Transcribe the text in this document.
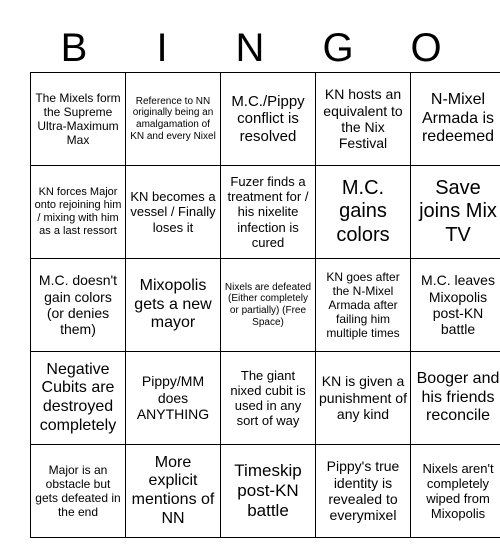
B	I	N	G	O
The Mixels form the Supreme Ultra-Maximum Max	Reference to NN originally being an amalgamation of KN and every Nixel	M.C./Pippy conflict is resolved	KN hosts an equivalent to the Nix Festival	N-Mixel Armada is redeemed
KN forces Major onto rejoining him / mixing with him as a last ressort	KN becomes a vessel / Finally loses it	Fuzer finds a treatment for / his nixelite infection is cured	M.C. gains colors	Save joins Mix TV
M.C. doesn't gain colors (or denies them)	Mixopolis gets a new mayor	Nixels are defeated (Either completely or partially) (Free Space)	KN goes after the N-Mixel Armada after failing him multiple times	M.C. leaves Mixopolis post-KN battle
Negative Cubits are destroyed completely	Pippy/MM does ANYTHING	The giant nixed cubit is used in any sort of way	KN is given a punishment of any kind	Booger and his friends reconcile
Major is an obstacle but gets defeated in the end	More explicit mentions of NN	Timeskip post-KN battle	Pippy's true identity is revealed to everymixel	Nixels aren't completely wiped from Mixopolis
